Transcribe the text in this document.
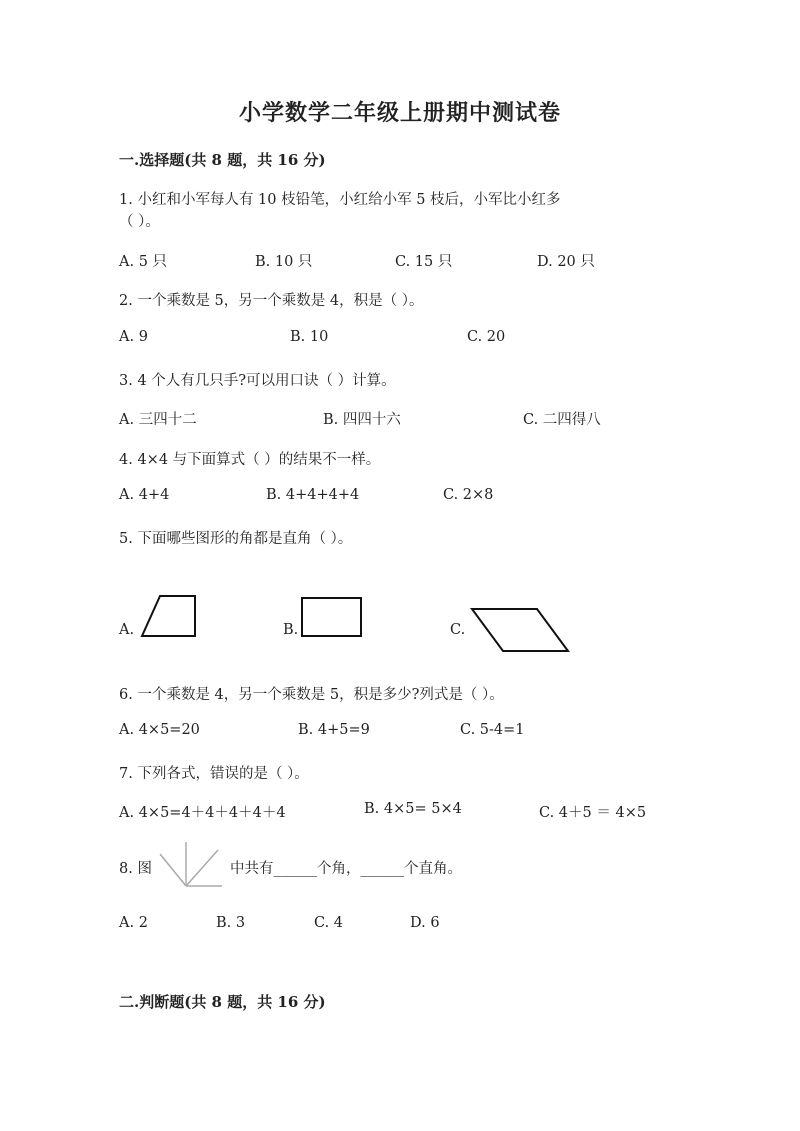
小学数学二年级上册期中测试卷
一.选择题(共 8 题，共 16 分)
1. 小红和小军每人有 10 枝铅笔，小红给小军 5 枝后，小军比小红多
（ ）。
A. 5 只	B. 10 只	C. 15 只	D. 20 只
2. 一个乘数是 5，另一个乘数是 4，积是（ ）。
A. 9	B. 10	C. 20
3. 4 个人有几只手?可以用口诀（ ）计算。
A. 三四十二	B. 四四十六	C. 二四得八
4. 4×4 与下面算式（ ）的结果不一样。
A. 4+4	B. 4+4+4+4	C. 2×8
5. 下面哪些图形的角都是直角（ ）。
A.	B.	C.
6. 一个乘数是 4，另一个乘数是 5，积是多少?列式是（ ）。
A. 4×5=20	B. 4+5=9	C. 5-4=1
7. 下列各式，错误的是（ ）。
A. 4×5=4＋4＋4＋4＋4	B. 4×5= 5×4	C. 4＋5 ＝ 4×5
8. 图	中共有______个角，______个直角。
A. 2	B. 3	C. 4	D. 6
二.判断题(共 8 题，共 16 分)
